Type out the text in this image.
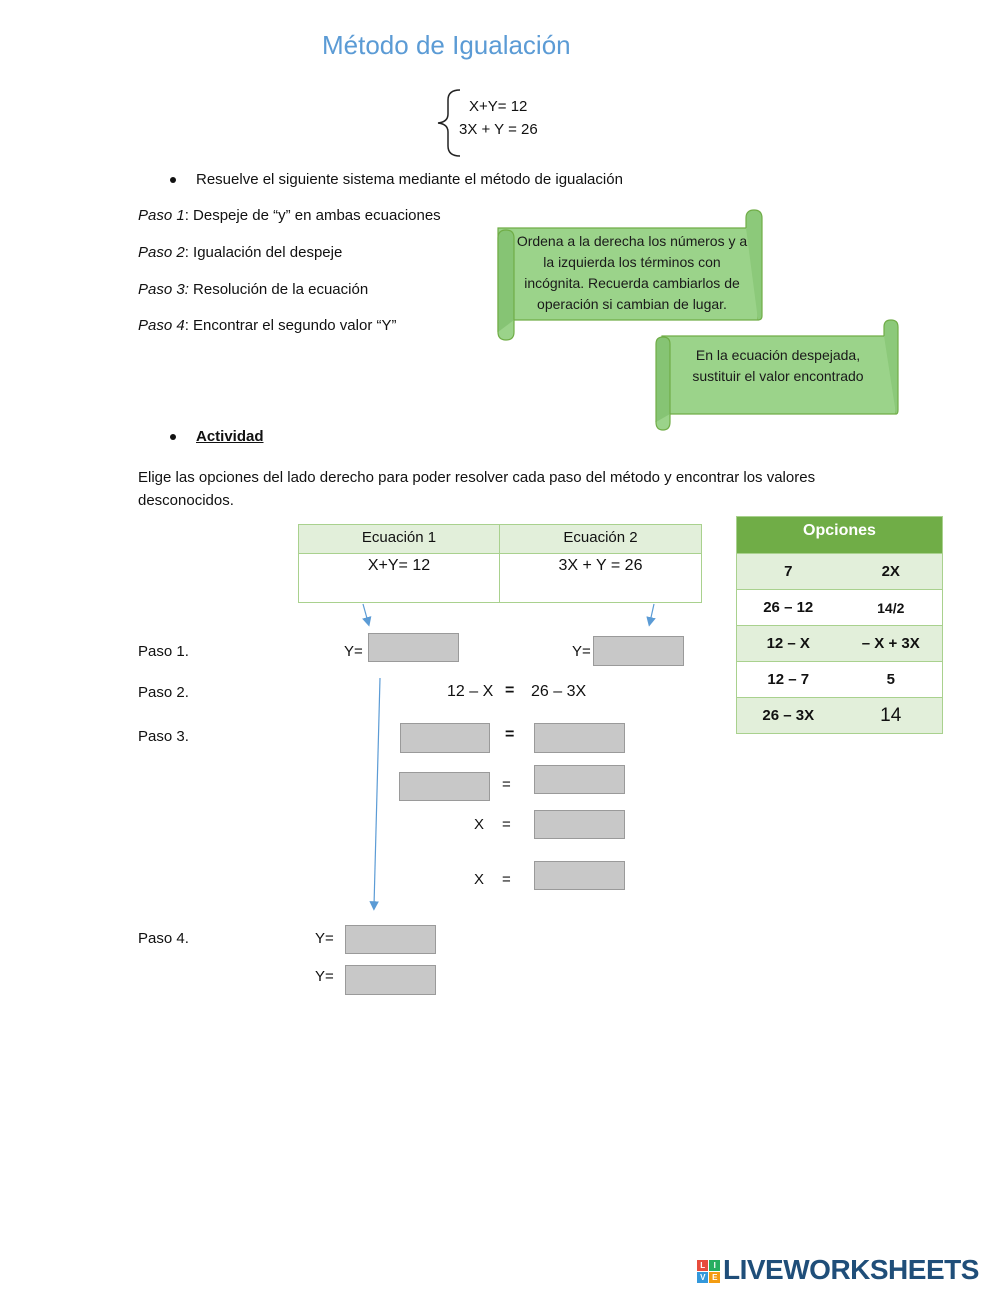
Método de Igualación
X+Y= 12
3X + Y = 26
Resuelve el siguiente sistema mediante el método de igualación
Paso 1: Despeje de “y” en ambas ecuaciones
Paso 2: Igualación del despeje
Paso 3: Resolución de la ecuación
Paso 4: Encontrar el segundo valor “Y”
Ordena a la derecha los números y a la izquierda los términos con incógnita. Recuerda cambiarlos de operación si cambian de lugar.
En la ecuación despejada, sustituir el valor encontrado
Actividad
Elige las opciones del lado derecho para poder resolver cada paso del método y encontrar los valores desconocidos.
Ecuación 1	Ecuación 2
X+Y= 12	3X + Y = 26
Paso 1.	Y=	Y=
Paso 2.	12 – X = 26 – 3X
Paso 3.	=
=
X =
X =
Paso 4.	Y=
Y=
Opciones
7	2X
26 – 12	14/2
12 – X	– X + 3X
12 – 7	5
26 – 3X	14
L	I
V E LIVEWORKSHEETS
